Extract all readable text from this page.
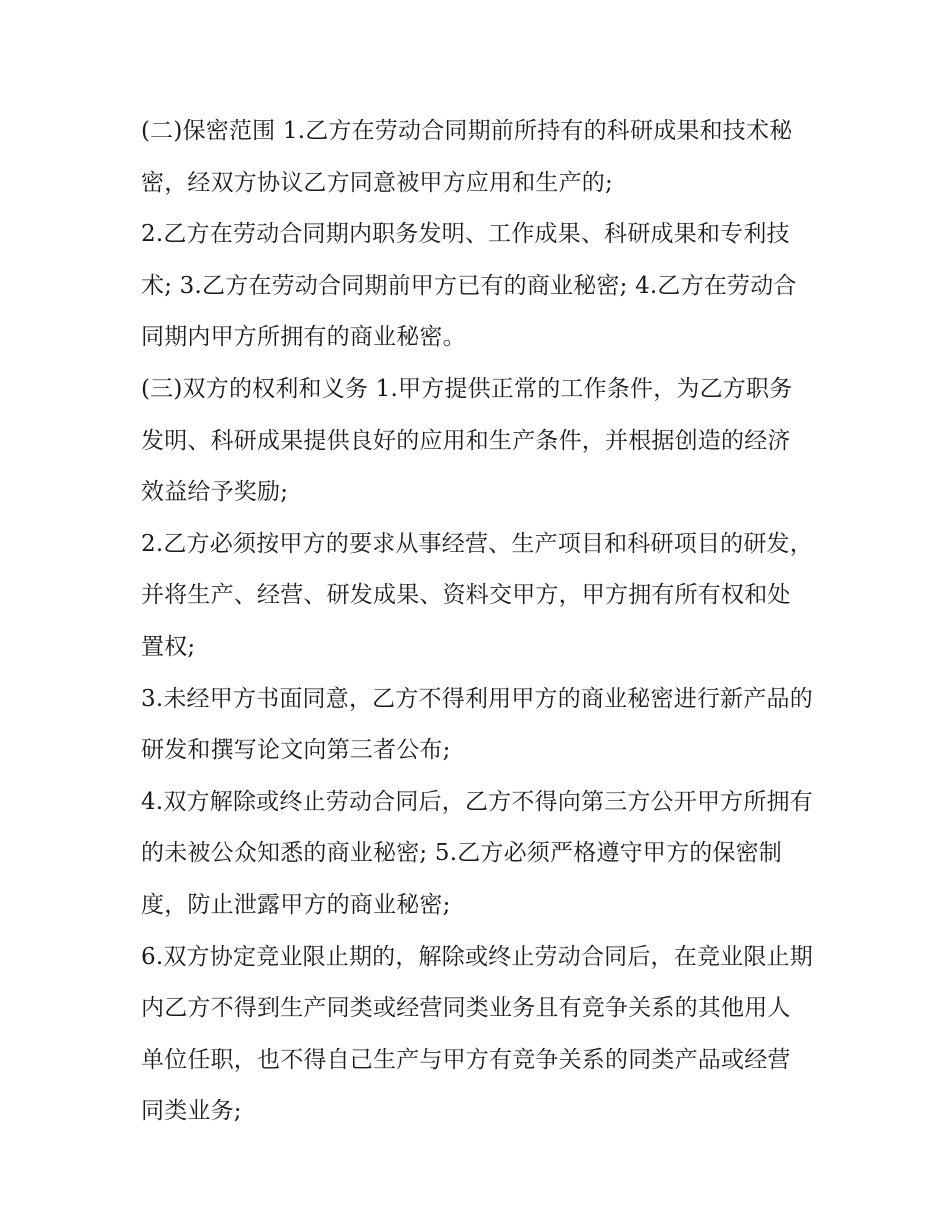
(二)保密范围 1.乙方在劳动合同期前所持有的科研成果和技术秘密，经双方协议乙方同意被甲方应用和生产的;

2.乙方在劳动合同期内职务发明、工作成果、科研成果和专利技术; 3.乙方在劳动合同期前甲方已有的商业秘密; 4.乙方在劳动合同期内甲方所拥有的商业秘密。

(三)双方的权利和义务 1.甲方提供正常的工作条件，为乙方职务发明、科研成果提供良好的应用和生产条件，并根据创造的经济效益给予奖励;

2.乙方必须按甲方的要求从事经营、生产项目和科研项目的研发，并将生产、经营、研发成果、资料交甲方，甲方拥有所有权和处置权;

3.未经甲方书面同意，乙方不得利用甲方的商业秘密进行新产品的研发和撰写论文向第三者公布;

4.双方解除或终止劳动合同后，乙方不得向第三方公开甲方所拥有的未被公众知悉的商业秘密; 5.乙方必须严格遵守甲方的保密制度，防止泄露甲方的商业秘密;

6.双方协定竞业限止期的，解除或终止劳动合同后，在竞业限止期内乙方不得到生产同类或经营同类业务且有竞争关系的其他用人单位任职，也不得自己生产与甲方有竞争关系的同类产品或经营同类业务;
